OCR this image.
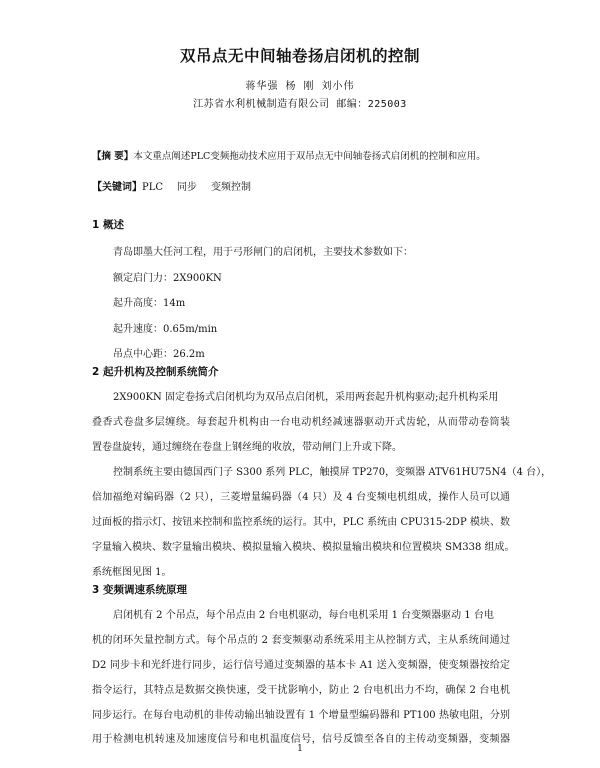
双吊点无中间轴卷扬启闭机的控制
蒋华强 杨 刚 刘小伟
江苏省水利机械制造有限公司 邮编：225003
【摘 要】本文重点阐述PLC变频拖动技术应用于双吊点无中间轴卷扬式启闭机的控制和应用。
【关键词】PLC 同步 变频控制
1 概述
青岛即墨大任河工程，用于弓形闸门的启闭机，主要技术参数如下：
额定启门力：2X900KN
起升高度：14m
起升速度：0.65m/min
吊点中心距：26.2m
2 起升机构及控制系统简介
2X900KN 固定卷扬式启闭机均为双吊点启闭机，采用两套起升机构驱动;起升机构采用
叠香式卷盘多层缠绕。每套起升机构由一台电动机经减速器驱动开式齿轮，从而带动卷筒装
置卷盘旋转，通过缠绕在卷盘上钢丝绳的收放，带动闸门上升或下降。
控制系统主要由德国西门子 S300 系列 PLC，触摸屏 TP270，变频器 ATV61HU75N4（4 台），
倍加福绝对编码器（2 只），三菱增量编码器（4 只）及 4 台变频电机组成，操作人员可以通
过面板的指示灯、按钮来控制和监控系统的运行。其中，PLC 系统由 CPU315-2DP 模块、数
字量输入模块、数字量输出模块、模拟量输入模块、模拟量输出模块和位置模块 SM338 组成。
系统框图见图 1。
3 变频调速系统原理
启闭机有 2 个吊点，每个吊点由 2 台电机驱动，每台电机采用 1 台变频器驱动 1 台电
机的闭环矢量控制方式。每个吊点的 2 套变频驱动系统采用主从控制方式，主从系统间通过
D2 同步卡和光纤进行同步，运行信号通过变频器的基本卡 A1 送入变频器，使变频器按给定
指令运行，其特点是数据交换快速，受干扰影响小，防止 2 台电机出力不均，确保 2 台电机
同步运行。在每台电动机的非传动输出轴设置有 1 个增量型编码器和 PT100 热敏电阻，分别
用于检测电机转速及加速度信号和电机温度信号，信号反馈至各自的主传动变频器，变频器
1
